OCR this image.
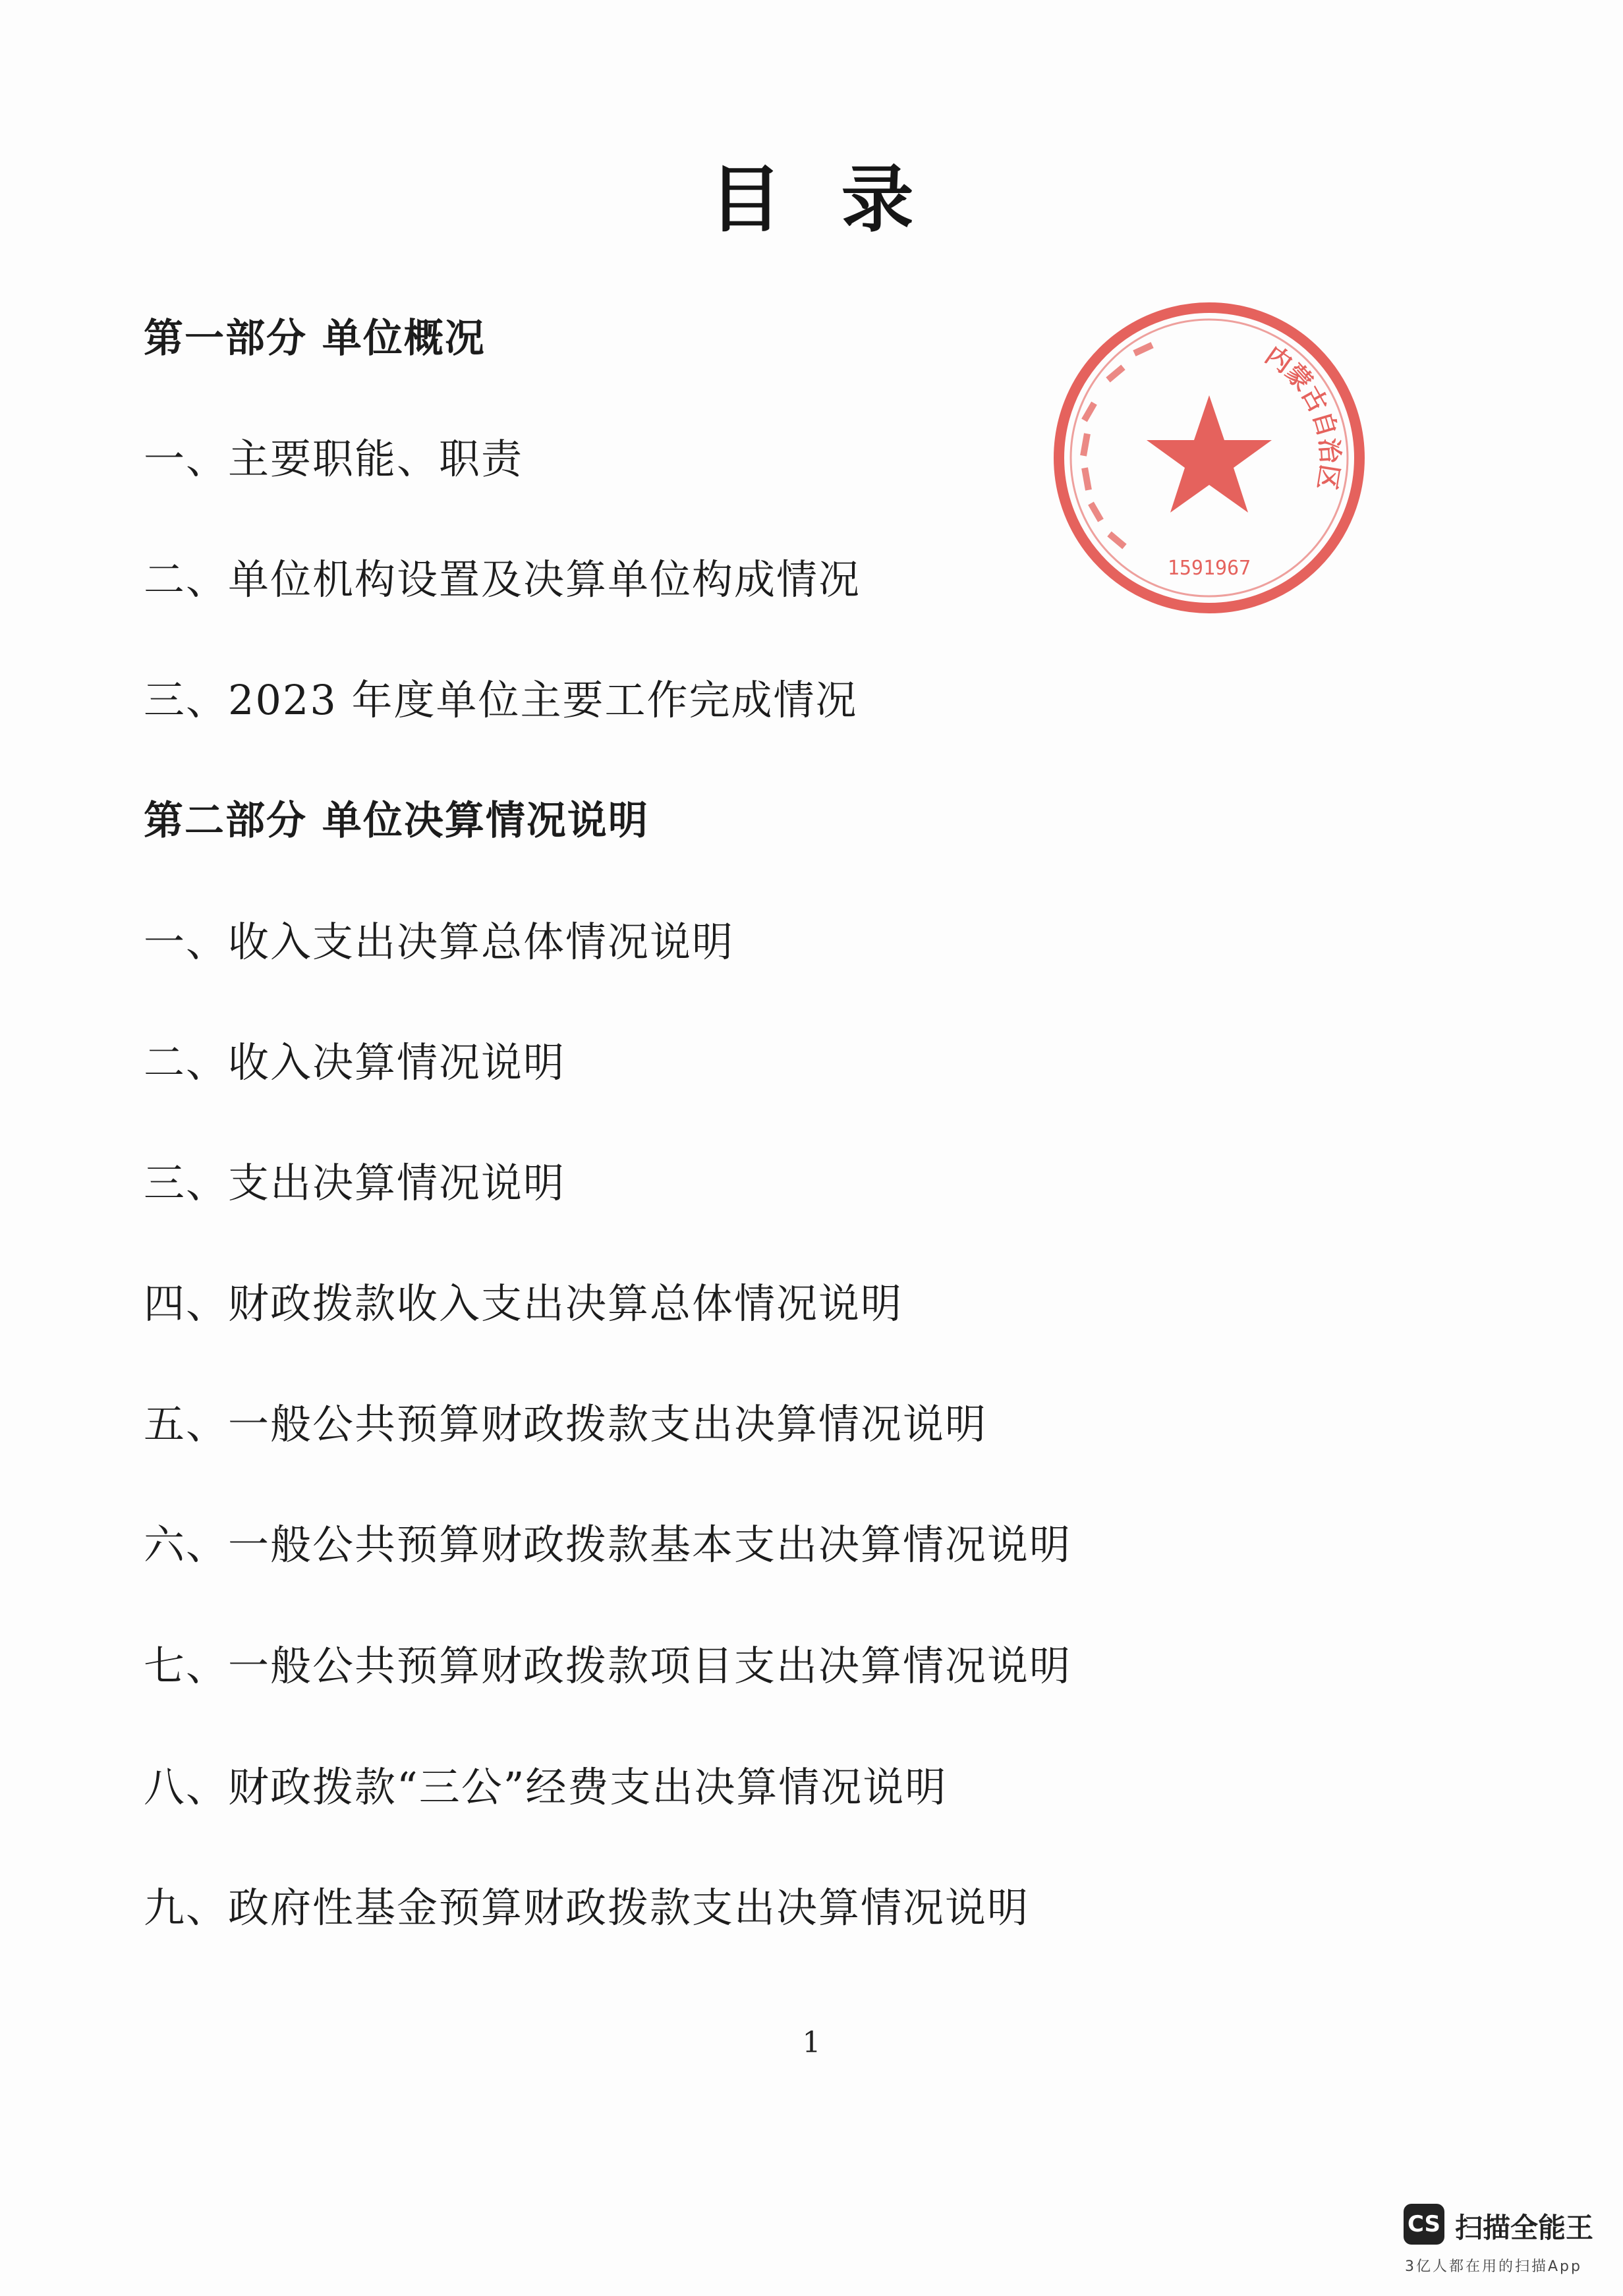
目录
第一部分 单位概况
一、主要职能、职责
二、单位机构设置及决算单位构成情况
三、2023 年度单位主要工作完成情况
第二部分 单位决算情况说明
一、收入支出决算总体情况说明
二、收入决算情况说明
三、支出决算情况说明
四、财政拨款收入支出决算总体情况说明
五、一般公共预算财政拨款支出决算情况说明
六、一般公共预算财政拨款基本支出决算情况说明
七、一般公共预算财政拨款项目支出决算情况说明
八、财政拨款“三公”经费支出决算情况说明
九、政府性基金预算财政拨款支出决算情况说明
1
内蒙古自治区
1591967
CS 扫描全能王
3亿人都在用的扫描App
